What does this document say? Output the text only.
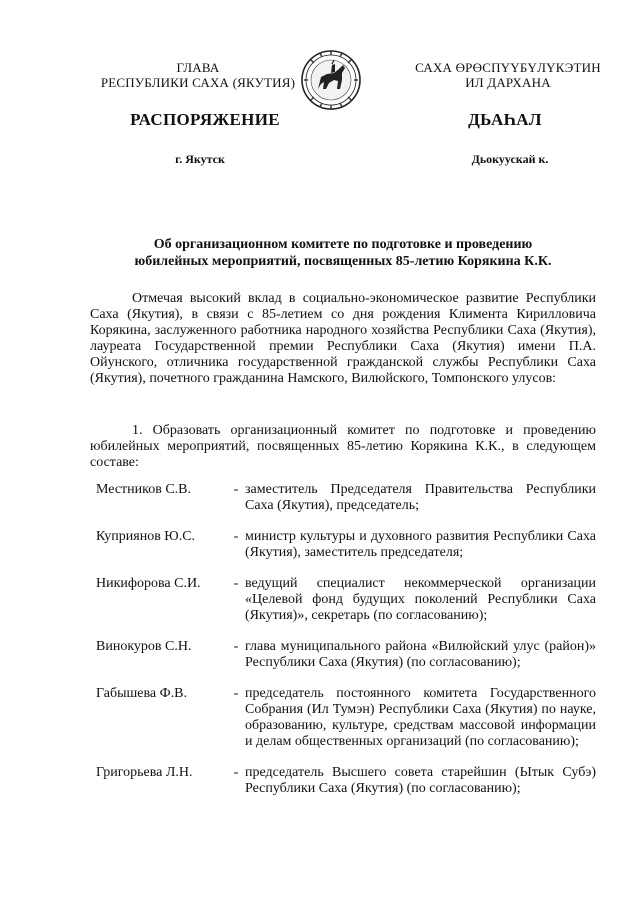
ГЛАВА
РЕСПУБЛИКИ САХА (ЯКУТИЯ)
САХА ӨРӨСПҮҮБҮЛҮКЭТИН
ИЛ ДАРХАНА
РАСПОРЯЖЕНИЕ	ДЬАҺАЛ
г. Якутск	Дьокуускай к.
Об организационном комитете по подготовке и проведению
юбилейных мероприятий, посвященных 85-летию Корякина К.К.
Отмечая высокий вклад в социально-экономическое развитие Республики Саха (Якутия), в связи с 85-летием со дня рождения Климента Кирилловича Корякина, заслуженного работника народного хозяйства Республики Саха (Якутия), лауреата Государственной премии Республики Саха (Якутия) имени П.А. Ойунского, отличника государственной гражданской службы Республики Саха (Якутия), почетного гражданина Намского, Вилюйского, Томпонского улусов:
1. Образовать организационный комитет по подготовке и проведению юбилейных мероприятий, посвященных 85-летию Корякина К.К., в следующем составе:
Местников С.В.	- заместитель Председателя Правительства Республики Саха (Якутия), председатель;
Куприянов Ю.С.	- министр культуры и духовного развития Республики Саха (Якутия), заместитель председателя;
Никифорова С.И.	- ведущий специалист некоммерческой организации «Целевой фонд будущих поколений Республики Саха (Якутия)», секретарь (по согласованию);
Винокуров С.Н.	- глава муниципального района «Вилюйский улус (район)» Республики Саха (Якутия) (по согласованию);
Габышева Ф.В.	- председатель постоянного комитета Государственного Собрания (Ил Тумэн) Республики Саха (Якутия) по науке, образованию, культуре, средствам массовой информации и делам общественных организаций (по согласованию);
Григорьева Л.Н.	- председатель Высшего совета старейшин (Ытык Субэ) Республики Саха (Якутия) (по согласованию);
